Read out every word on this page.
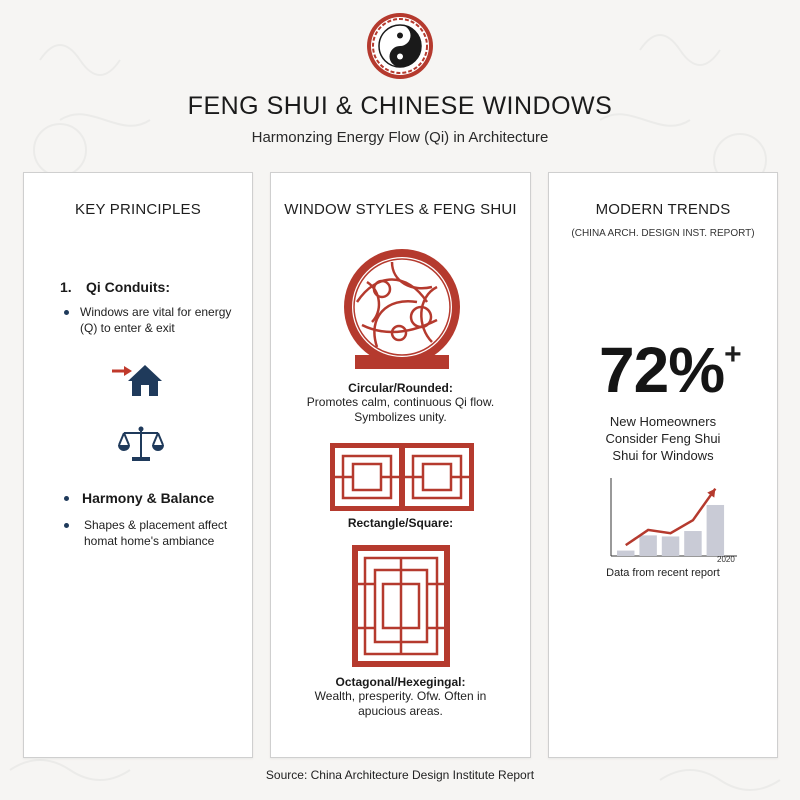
FENG SHUI & CHINESE WINDOWS
Harmonzing Energy Flow (Qi) in Architecture
KEY PRINCIPLES
1. Qi Conduits:
Windows are vital for energy (Q) to enter & exit
Harmony & Balance
Shapes & placement affect homat home's ambiance
WINDOW STYLES & FENG SHUI
Circular/Rounded:
Promotes calm, continuous Qi flow. Symbolizes unity.
Rectangle/Square:
Octagonal/Hexegingal:
Wealth, presperity. Ofw. Often in apucious areas.
MODERN TRENDS
(CHINA ARCH. DESIGN INST. REPORT)
72%+
New Homeowners Consider Feng Shui Shui for Windows
2020
Data from recent report
Source: China Architecture Design Institute Report
